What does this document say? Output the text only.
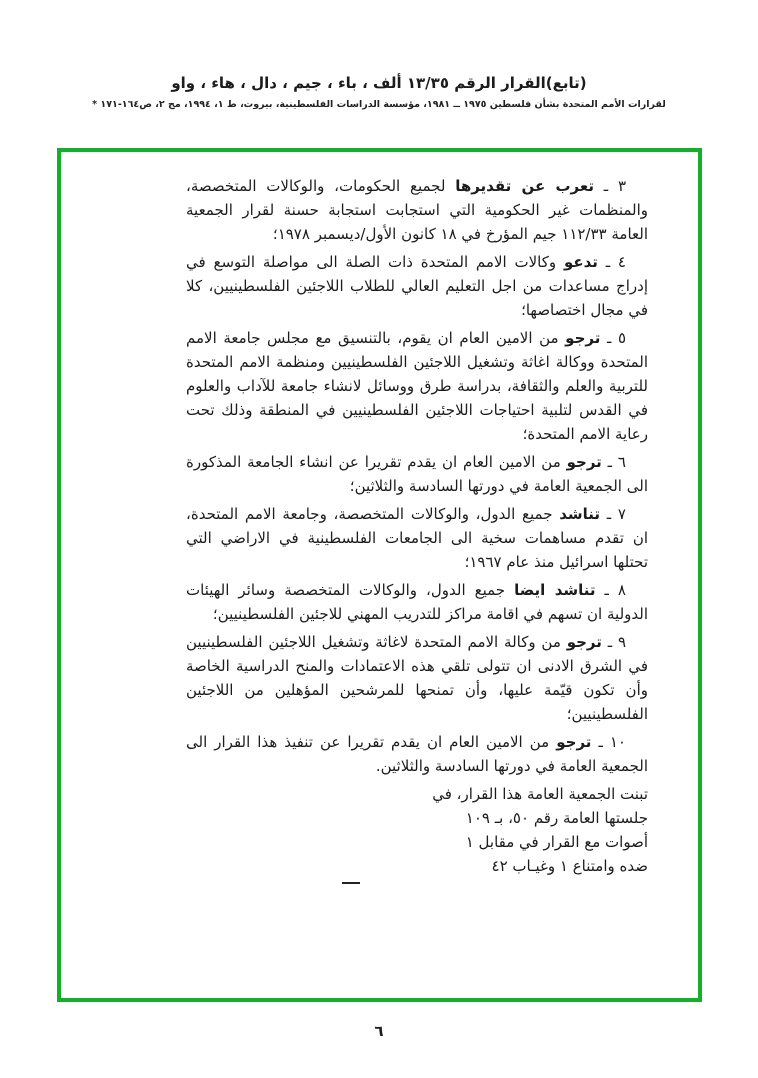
(تابع)القرار الرقم ١٣/٣٥ ألف ، باء ، جيم ، دال ، هاء ، واو
لقرارات الأمم المتحدة بشأن فلسطين ١٩٧٥ ــ ١٩٨١، مؤسسة الدراسات الفلسطينية، بيروت، ط ١، ١٩٩٤، مج ٢، ص١٦٤-١٧١ *

٣ ـ تعرب عن تقديرها لجميع الحكومات، والوكالات المتخصصة، والمنظمات غير الحكومية التي استجابت استجابة حسنة لقرار الجمعية العامة ١١٢/٣٣ جيم المؤرخ في ١٨ كانون الأول/ديسمبر ١٩٧٨؛

٤ ـ تدعو وكالات الامم المتحدة ذات الصلة الى مواصلة التوسع في إدراج مساعدات من اجل التعليم العالي للطلاب اللاجئين الفلسطينيين، كلا في مجال اختصاصها؛

٥ ـ ترجو من الامين العام ان يقوم، بالتنسيق مع مجلس جامعة الامم المتحدة ووكالة اغاثة وتشغيل اللاجئين الفلسطينيين ومنظمة الامم المتحدة للتربية والعلم والثقافة، بدراسة طرق ووسائل لانشاء جامعة للآداب والعلوم في القدس لتلبية احتياجات اللاجئين الفلسطينيين في المنطقة وذلك تحت رعاية الامم المتحدة؛

٦ ـ ترجو من الامين العام ان يقدم تقريرا عن انشاء الجامعة المذكورة الى الجمعية العامة في دورتها السادسة والثلاثين؛

٧ ـ تناشد جميع الدول، والوكالات المتخصصة، وجامعة الامم المتحدة، ان تقدم مساهمات سخية الى الجامعات الفلسطينية في الاراضي التي تحتلها اسرائيل منذ عام ١٩٦٧؛

٨ ـ تناشد ايضا جميع الدول، والوكالات المتخصصة وسائر الهيئات الدولية ان تسهم في اقامة مراكز للتدريب المهني للاجئين الفلسطينيين؛

٩ ـ ترجو من وكالة الامم المتحدة لاغاثة وتشغيل اللاجئين الفلسطينيين في الشرق الادنى ان تتولى تلقي هذه الاعتمادات والمنح الدراسية الخاصة وأن تكون قيّمة عليها، وأن تمنحها للمرشحين المؤهلين من اللاجئين الفلسطينيين؛

١٠ ـ ترجو من الامين العام ان يقدم تقريرا عن تنفيذ هذا القرار الى الجمعية العامة في دورتها السادسة والثلاثين.

تبنت الجمعية العامة هذا القرار، في
جلستها العامة رقم ٥٠، بـ ١٠٩
أصوات مع القرار في مقابل ١
ضده وامتناع ١ وغيـاب ٤٢
٦
